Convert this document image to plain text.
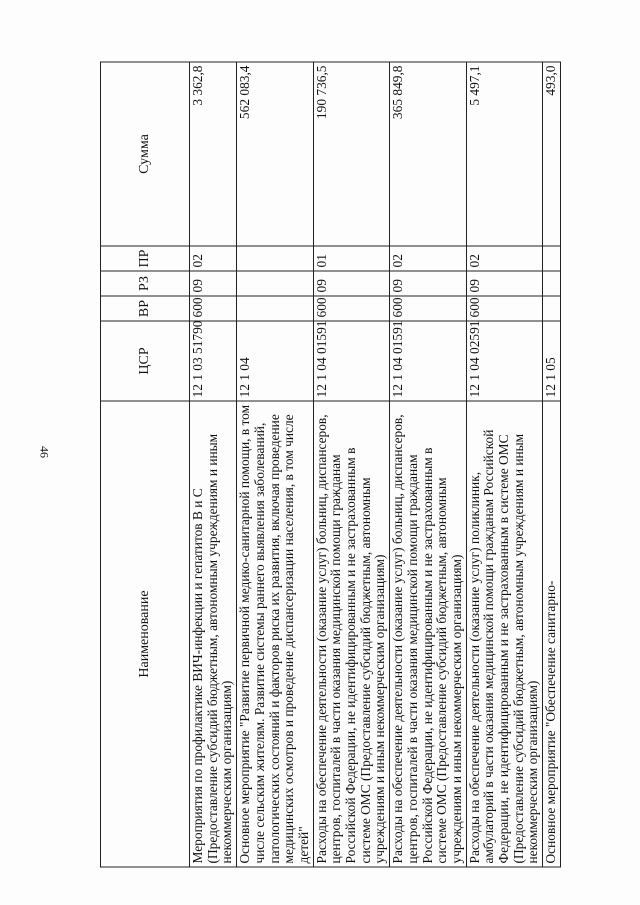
46
Наименование	ЦСР	ВР	РЗ	ПР	Сумма
Мероприятия по профилактике ВИЧ-инфекции и гепатитов В и С (Предоставление субсидий бюджетным, автономным учреждениям и иным некоммерческим организациям)	12 1 03 51790	600	09	02	3 362,8
Основное мероприятие "Развитие первичной медико-санитарной помощи, в том числе сельским жителям. Развитие системы раннего выявления заболеваний, патологических состояний и факторов риска их развития, включая проведение медицинских осмотров и проведение диспансеризации населения, в том числе детей"	12 1 04				562 083,4
Расходы на обеспечение деятельности (оказание услуг) больниц, диспансеров, центров, госпиталей в части оказания медицинской помощи гражданам Российской Федерации, не идентифицированным и не застрахованным в системе ОМС (Предоставление субсидий бюджетным, автономным учреждениям и иным некоммерческим организациям)	12 1 04 01591	600	09	01	190 736,5
Расходы на обеспечение деятельности (оказание услуг) больниц, диспансеров, центров, госпиталей в части оказания медицинской помощи гражданам Российской Федерации, не идентифицированным и не застрахованным в системе ОМС (Предоставление субсидий бюджетным, автономным учреждениям и иным некоммерческим организациям)	12 1 04 01591	600	09	02	365 849,8
Расходы на обеспечение деятельности (оказание услуг) поликлиник, амбулаторий в части оказания медицинской помощи гражданам Российской Федерации, не идентифицированным и не застрахованным в системе ОМС (Предоставление субсидий бюджетным, автономным учреждениям и иным некоммерческим организациям)	12 1 04 02591	600	09	02	5 497,1
Основное мероприятие "Обеспечение санитарно-	12 1 05				493,0
